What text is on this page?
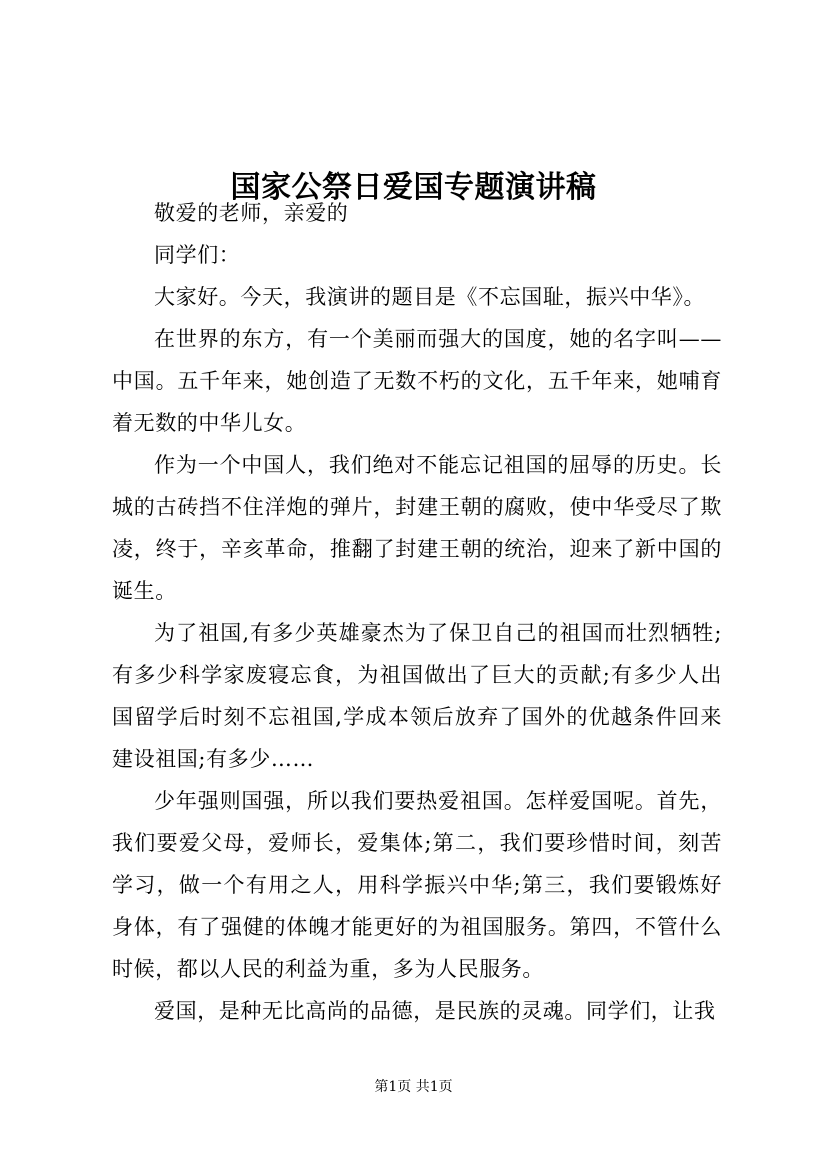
国家公祭日爱国专题演讲稿

敬爱的老师，亲爱的

同学们：

大家好。今天，我演讲的题目是《不忘国耻，振兴中华》。

在世界的东方，有一个美丽而强大的国度，她的名字叫——中国。五千年来，她创造了无数不朽的文化，五千年来，她哺育着无数的中华儿女。

作为一个中国人，我们绝对不能忘记祖国的屈辱的历史。长城的古砖挡不住洋炮的弹片，封建王朝的腐败，使中华受尽了欺凌，终于，辛亥革命，推翻了封建王朝的统治，迎来了新中国的诞生。

为了祖国,有多少英雄豪杰为了保卫自己的祖国而壮烈牺牲;有多少科学家废寝忘食，为祖国做出了巨大的贡献;有多少人出国留学后时刻不忘祖国,学成本领后放弃了国外的优越条件回来建设祖国;有多少……

少年强则国强，所以我们要热爱祖国。怎样爱国呢。首先，我们要爱父母，爱师长，爱集体;第二，我们要珍惜时间，刻苦学习，做一个有用之人，用科学振兴中华;第三，我们要锻炼好身体，有了强健的体魄才能更好的为祖国服务。第四，不管什么时候，都以人民的利益为重，多为人民服务。

爱国，是种无比高尚的品德，是民族的灵魂。同学们，让我

第1页 共1页
